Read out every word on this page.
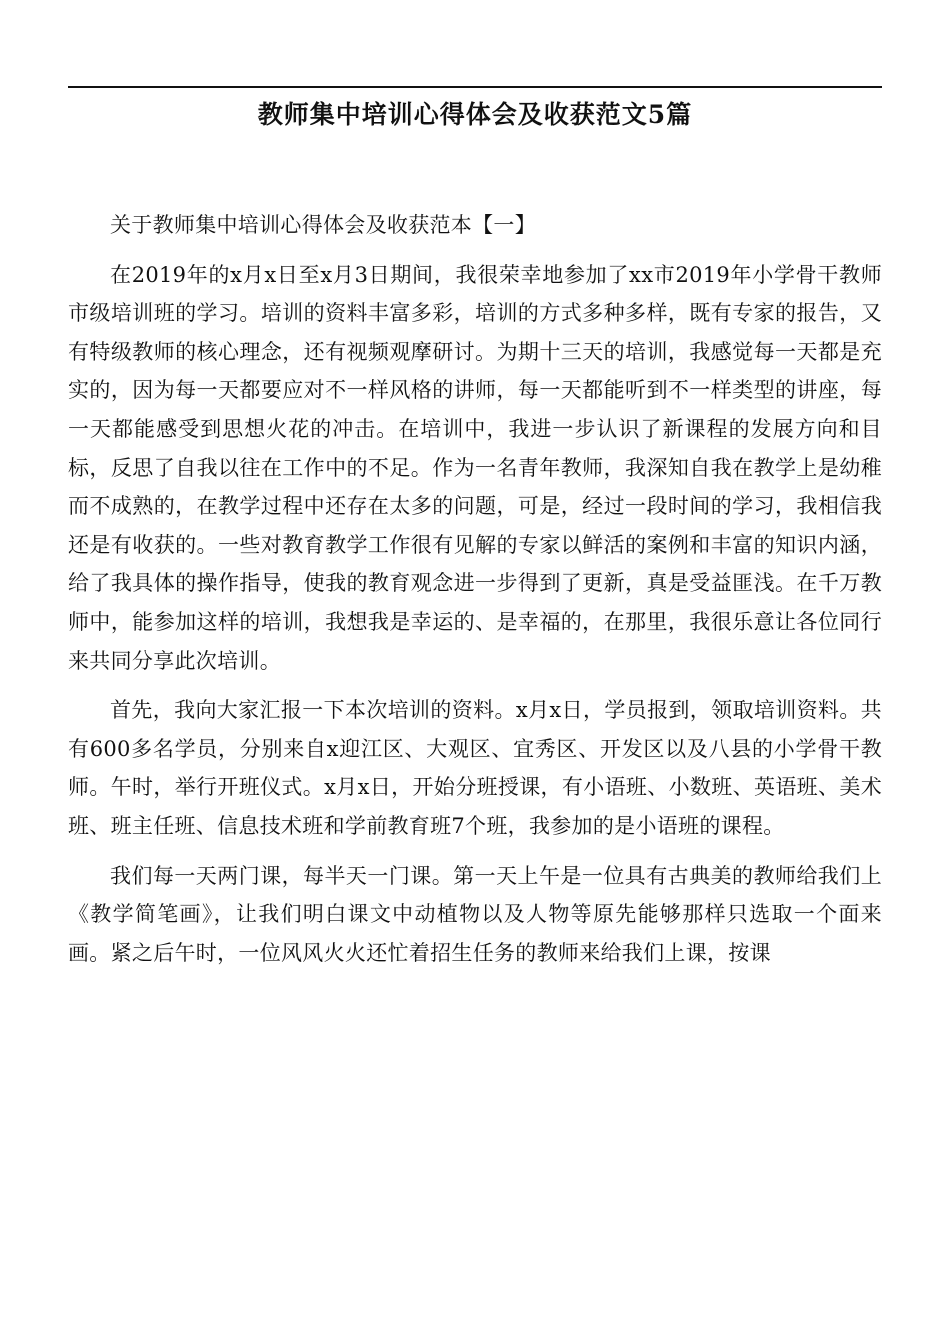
教师集中培训心得体会及收获范文5篇

关于教师集中培训心得体会及收获范本【一】

在2019年的x月x日至x月3日期间，我很荣幸地参加了xx市2019年小学骨干教师市级培训班的学习。培训的资料丰富多彩，培训的方式多种多样，既有专家的报告，又有特级教师的核心理念，还有视频观摩研讨。为期十三天的培训，我感觉每一天都是充实的，因为每一天都要应对不一样风格的讲师，每一天都能听到不一样类型的讲座，每一天都能感受到思想火花的冲击。在培训中，我进一步认识了新课程的发展方向和目标，反思了自我以往在工作中的不足。作为一名青年教师，我深知自我在教学上是幼稚而不成熟的，在教学过程中还存在太多的问题，可是，经过一段时间的学习，我相信我还是有收获的。一些对教育教学工作很有见解的专家以鲜活的案例和丰富的知识内涵，给了我具体的操作指导，使我的教育观念进一步得到了更新，真是受益匪浅。在千万教师中，能参加这样的培训，我想我是幸运的、是幸福的，在那里，我很乐意让各位同行来共同分享此次培训。

首先，我向大家汇报一下本次培训的资料。x月x日，学员报到，领取培训资料。共有600多名学员，分别来自x迎江区、大观区、宜秀区、开发区以及八县的小学骨干教师。午时，举行开班仪式。x月x日，开始分班授课，有小语班、小数班、英语班、美术班、班主任班、信息技术班和学前教育班7个班，我参加的是小语班的课程。

我们每一天两门课，每半天一门课。第一天上午是一位具有古典美的教师给我们上《教学简笔画》，让我们明白课文中动植物以及人物等原先能够那样只选取一个面来画。紧之后午时，一位风风火火还忙着招生任务的教师来给我们上课，按课
